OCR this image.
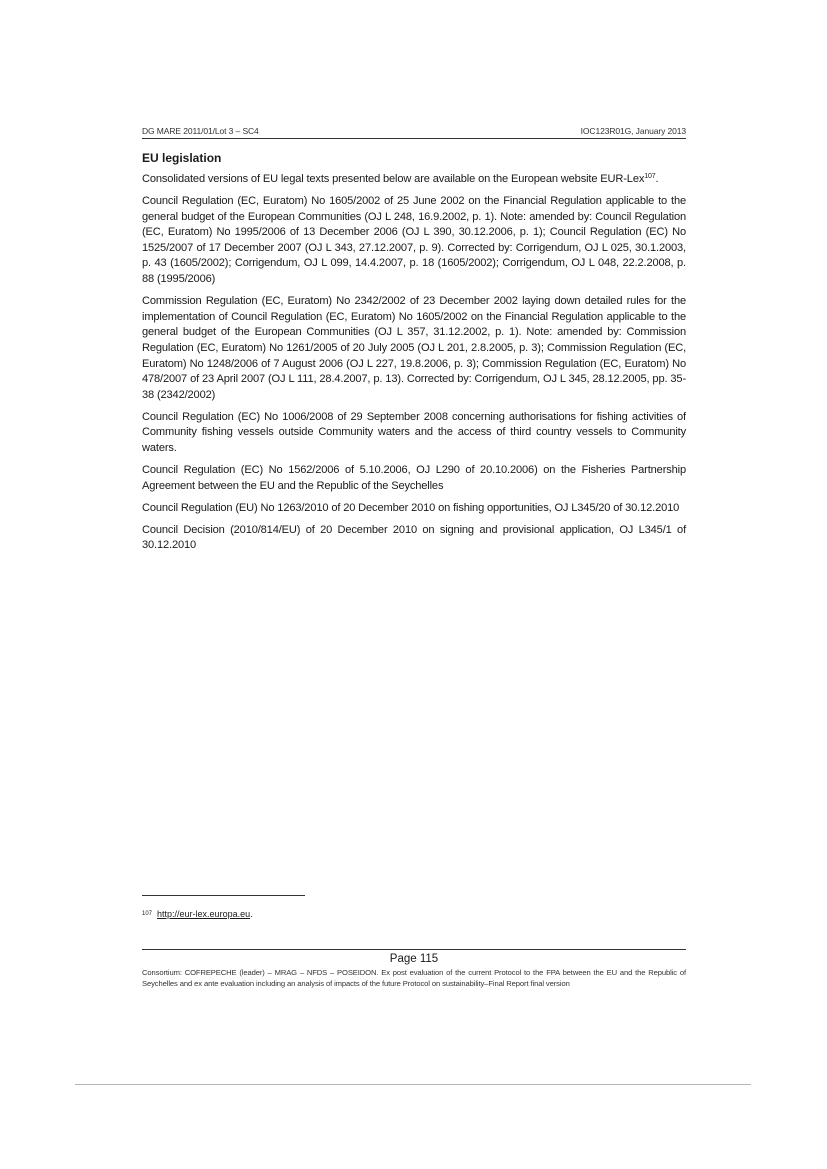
DG MARE 2011/01/Lot 3 – SC4	IOC123R01G, January 2013
EU legislation

Consolidated versions of EU legal texts presented below are available on the European website EUR-Lex$^{107}$.

Council Regulation (EC, Euratom) No 1605/2002 of 25 June 2002 on the Financial Regulation applicable to the general budget of the European Communities (OJ L 248, 16.9.2002, p. 1). Note: amended by: Council Regulation (EC, Euratom) No 1995/2006 of 13 December 2006 (OJ L 390, 30.12.2006, p. 1); Council Regulation (EC) No 1525/2007 of 17 December 2007 (OJ L 343, 27.12.2007, p. 9). Corrected by: Corrigendum, OJ L 025, 30.1.2003, p. 43 (1605/2002); Corrigendum, OJ L 099, 14.4.2007, p. 18 (1605/2002); Corrigendum, OJ L 048, 22.2.2008, p. 88 (1995/2006)

Commission Regulation (EC, Euratom) No 2342/2002 of 23 December 2002 laying down detailed rules for the implementation of Council Regulation (EC, Euratom) No 1605/2002 on the Financial Regulation applicable to the general budget of the European Communities (OJ L 357, 31.12.2002, p. 1). Note: amended by: Commission Regulation (EC, Euratom) No 1261/2005 of 20 July 2005 (OJ L 201, 2.8.2005, p. 3); Commission Regulation (EC, Euratom) No 1248/2006 of 7 August 2006 (OJ L 227, 19.8.2006, p. 3); Commission Regulation (EC, Euratom) No 478/2007 of 23 April 2007 (OJ L 111, 28.4.2007, p. 13). Corrected by: Corrigendum, OJ L 345, 28.12.2005, pp. 35-38 (2342/2002)

Council Regulation (EC) No 1006/2008 of 29 September 2008 concerning authorisations for fishing activities of Community fishing vessels outside Community waters and the access of third country vessels to Community waters.

Council Regulation (EC) No 1562/2006 of 5.10.2006, OJ L290 of 20.10.2006) on the Fisheries Partnership Agreement between the EU and the Republic of the Seychelles

Council Regulation (EU) No 1263/2010 of 20 December 2010 on fishing opportunities, OJ L345/20 of 30.12.2010

Council Decision (2010/814/EU) of 20 December 2010 on signing and provisional application, OJ L345/1 of 30.12.2010

$^{107}$ http://eur-lex.europa.eu.
Page 115
Consortium: COFREPECHE (leader) – MRAG – NFDS – POSEIDON. Ex post evaluation of the current Protocol to the FPA between the EU and the Republic of Seychelles and ex ante evaluation including an analysis of impacts of the future Protocol on sustainability–Final Report final version
